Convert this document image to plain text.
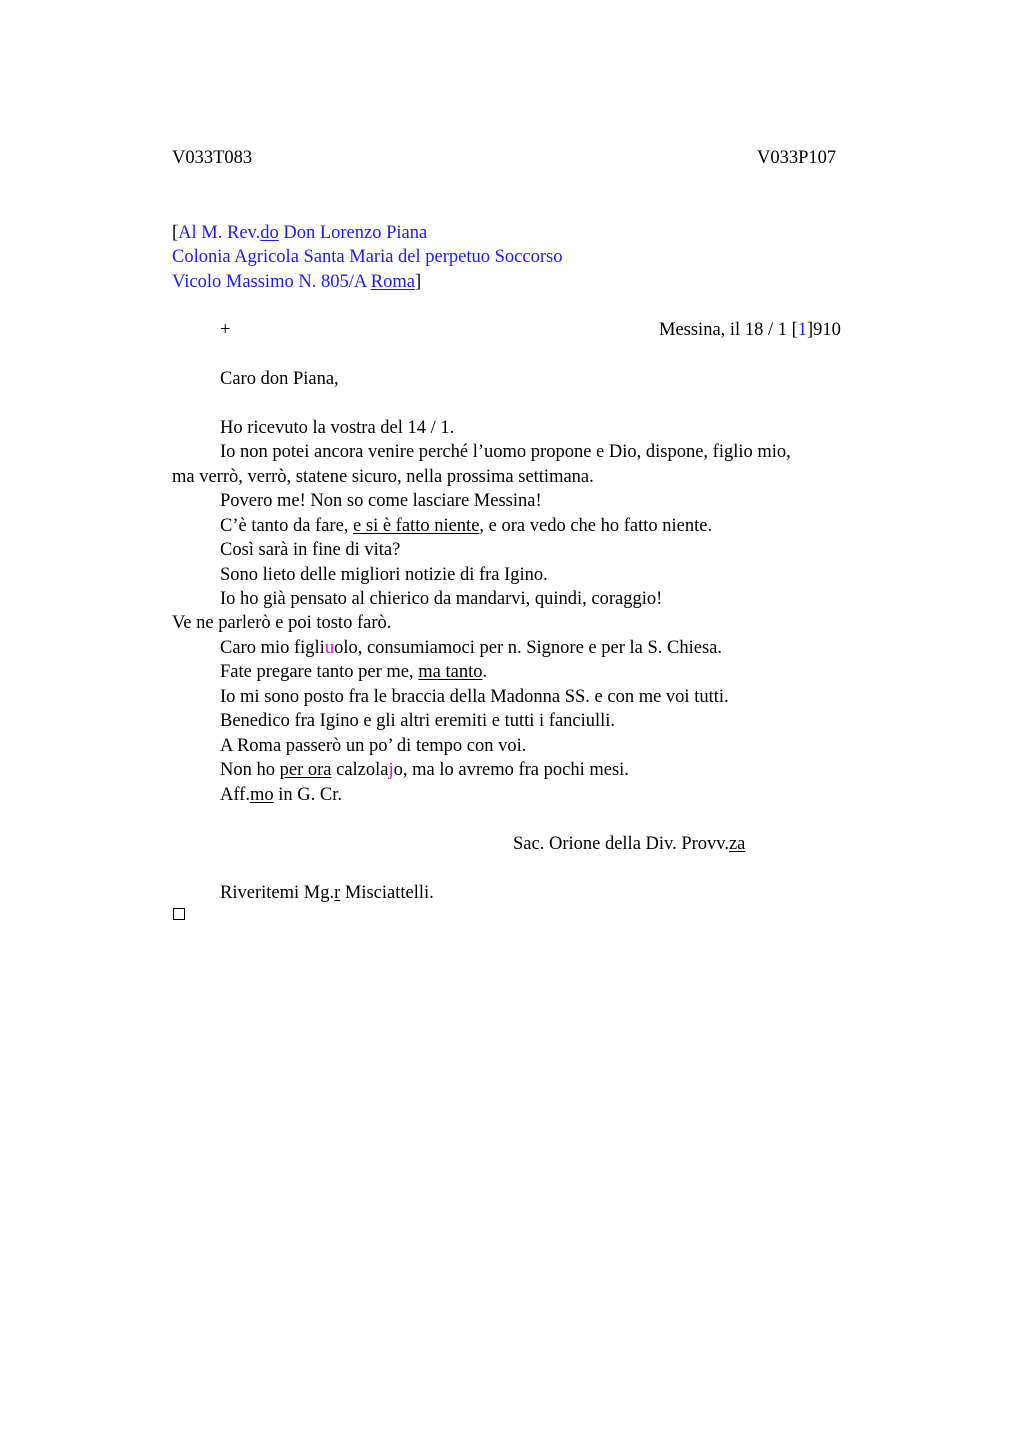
V033T083	V033P107
[Al M. Rev.do Don Lorenzo Piana
Colonia Agricola Santa Maria del perpetuo Soccorso
Vicolo Massimo N. 805/A Roma]
+	Messina, il 18 / 1 [1]910
Caro don Piana,
Ho ricevuto la vostra del 14 / 1.
Io non potei ancora venire perché l’uomo propone e Dio, dispone, figlio mio,
ma verrò, verrò, statene sicuro, nella prossima settimana.
Povero me! Non so come lasciare Messina!
C’è tanto da fare, e si è fatto niente, e ora vedo che ho fatto niente.
Così sarà in fine di vita?
Sono lieto delle migliori notizie di fra Igino.
Io ho già pensato al chierico da mandarvi, quindi, coraggio!
Ve ne parlerò e poi tosto farò.
Caro mio figliuolo, consumiamoci per n. Signore e per la S. Chiesa.
Fate pregare tanto per me, ma tanto.
Io mi sono posto fra le braccia della Madonna SS. e con me voi tutti.
Benedico fra Igino e gli altri eremiti e tutti i fanciulli.
A Roma passerò un po’ di tempo con voi.
Non ho per ora calzolajo, ma lo avremo fra pochi mesi.
Aff.mo in G. Cr.
Sac. Orione della Div. Provv.za
Riveritemi Mg.r Misciattelli.
